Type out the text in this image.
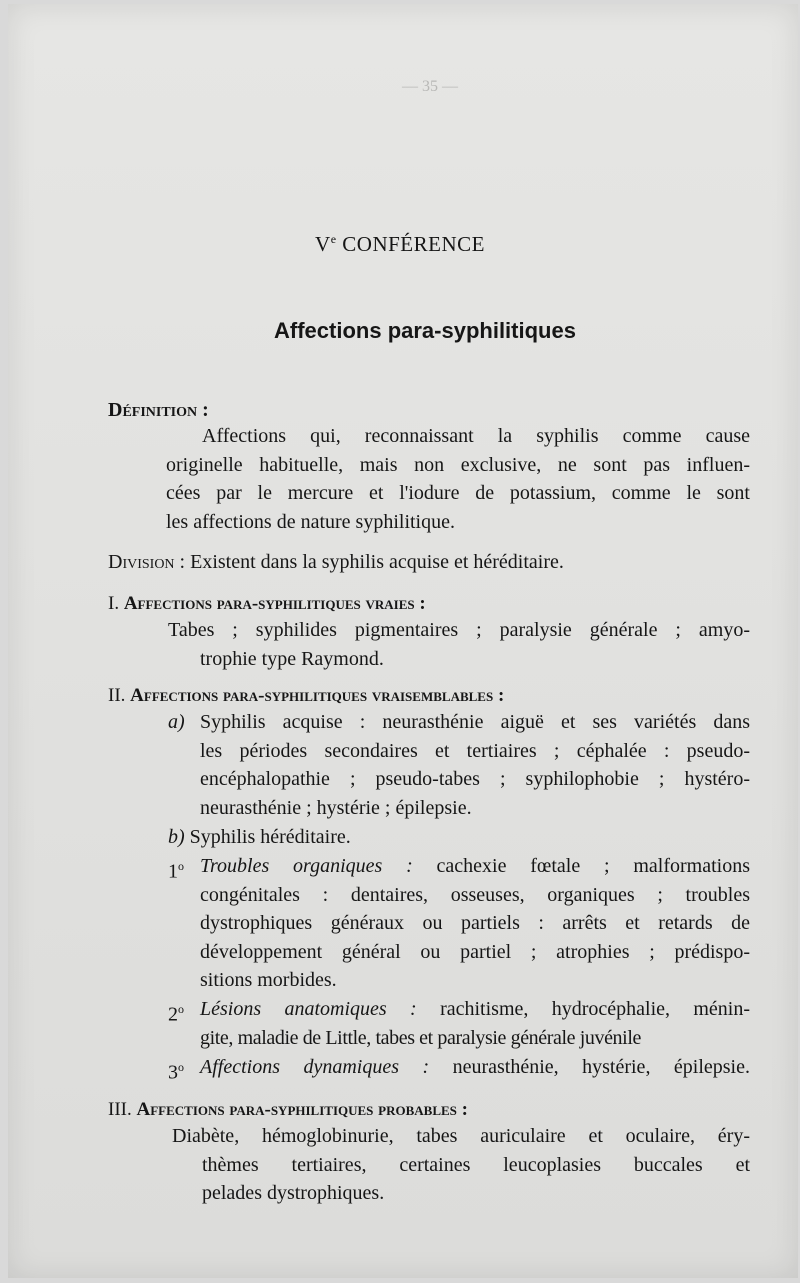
— 35 —
Ve CONFÉRENCE
Affections para-syphilitiques
Définition :
Affections qui, reconnaissant la syphilis comme cause
originelle habituelle, mais non exclusive, ne sont pas influen-
cées par le mercure et l'iodure de potassium, comme le sont
les affections de nature syphilitique.
Division : Existent dans la syphilis acquise et héréditaire.
I. Affections para-syphilitiques vraies :
Tabes ; syphilides pigmentaires ; paralysie générale ; amyo-
trophie type Raymond.
II. Affections para-syphilitiques vraisemblables :
a) Syphilis acquise : neurasthénie aiguë et ses variétés dans
les périodes secondaires et tertiaires ; céphalée : pseudo-
encéphalopathie ; pseudo-tabes ; syphilophobie ; hystéro-
neurasthénie ; hystérie ; épilepsie.
b) Syphilis héréditaire.
1$^o$ Troubles organiques : cachexie fœtale ; malformations
congénitales : dentaires, osseuses, organiques ; troubles
dystrophiques généraux ou partiels : arrêts et retards de
développement général ou partiel ; atrophies ; prédispo-
sitions morbides.
2$^o$ Lésions anatomiques : rachitisme, hydrocéphalie, ménin-
gite, maladie de Little, tabes et paralysie générale juvénile
3$^o$ Affections dynamiques : neurasthénie, hystérie, épilepsie.
III. Affections para-syphilitiques probables :
Diabète, hémoglobinurie, tabes auriculaire et oculaire, éry-
thèmes tertiaires, certaines leucoplasies buccales et
pelades dystrophiques.
